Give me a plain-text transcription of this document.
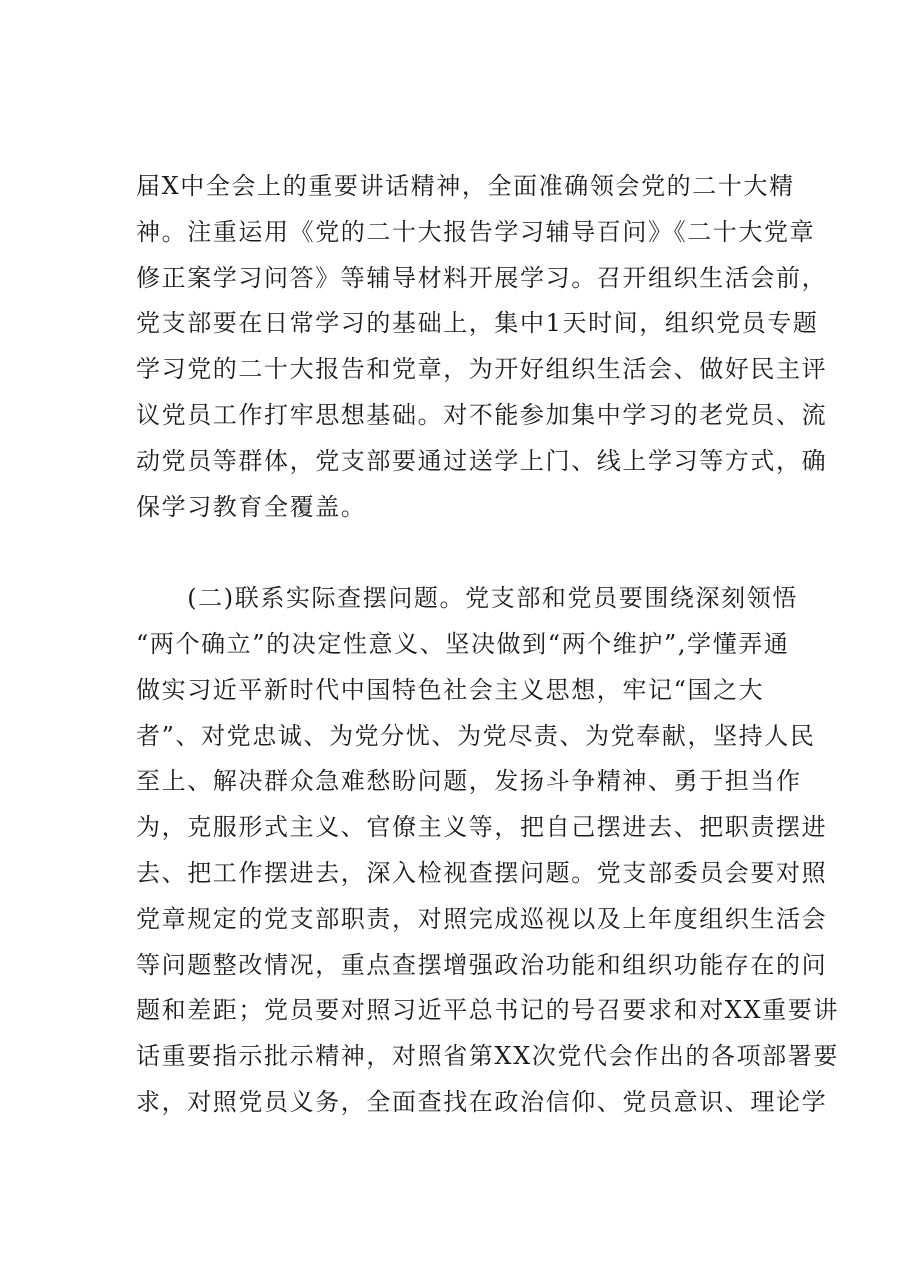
届X中全会上的重要讲话精神，全面准确领会党的二十大精
神。注重运用《党的二十大报告学习辅导百问》《二十大党章
修正案学习问答》等辅导材料开展学习。召开组织生活会前，
党支部要在日常学习的基础上，集中1天时间，组织党员专题
学习党的二十大报告和党章，为开好组织生活会、做好民主评
议党员工作打牢思想基础。对不能参加集中学习的老党员、流
动党员等群体，党支部要通过送学上门、线上学习等方式，确
保学习教育全覆盖。
　　(二)联系实际查摆问题。党支部和党员要围绕深刻领悟
“两个确立”的决定性意义、坚决做到“两个维护”,学懂弄通
做实习近平新时代中国特色社会主义思想，牢记“国之大
者”、对党忠诚、为党分忧、为党尽责、为党奉献，坚持人民
至上、解决群众急难愁盼问题，发扬斗争精神、勇于担当作
为，克服形式主义、官僚主义等，把自己摆进去、把职责摆进
去、把工作摆进去，深入检视查摆问题。党支部委员会要对照
党章规定的党支部职责，对照完成巡视以及上年度组织生活会
等问题整改情况，重点查摆增强政治功能和组织功能存在的问
题和差距；党员要对照习近平总书记的号召要求和对XX重要讲
话重要指示批示精神，对照省第XX次党代会作出的各项部署要
求，对照党员义务，全面查找在政治信仰、党员意识、理论学
